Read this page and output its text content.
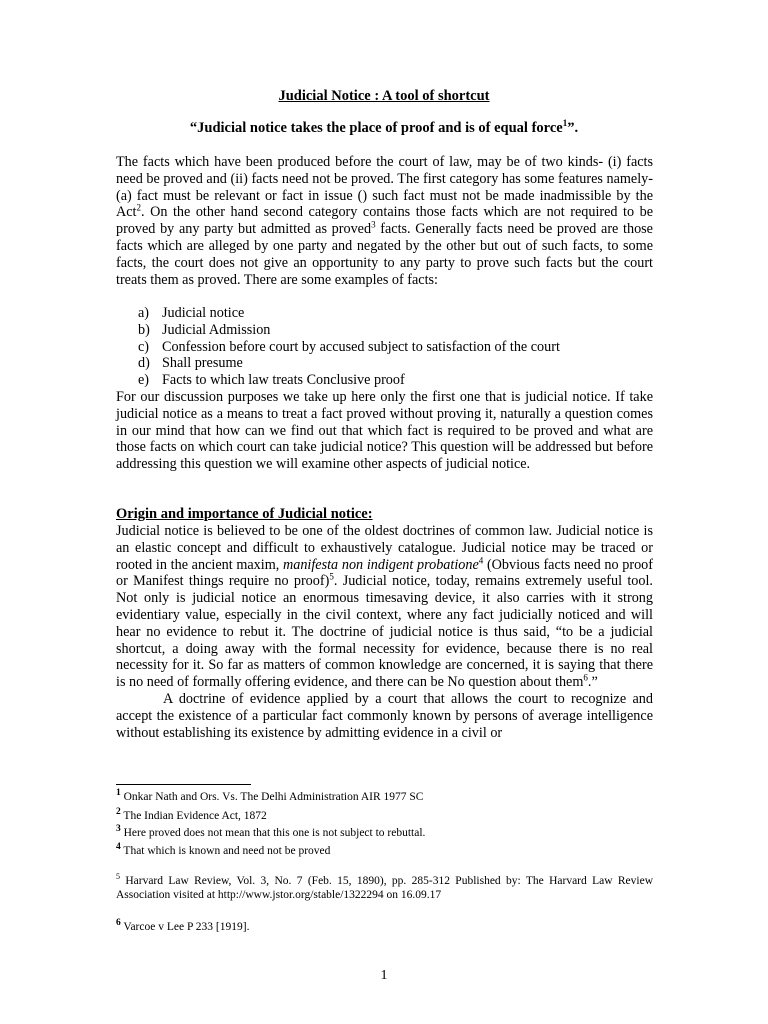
Judicial Notice : A tool of shortcut
“Judicial notice takes the place of proof and is of equal force$^1$”.

The facts which have been produced before the court of law, may be of two kinds- (i) facts need be proved and (ii) facts need not be proved. The first category has some features namely- (a) fact must be relevant or fact in issue () such fact must not be made inadmissible by the Act$^2$. On the other hand second category contains those facts which are not required to be proved by any party but admitted as proved$^3$ facts. Generally facts need be proved are those facts which are alleged by one party and negated by the other but out of such facts, to some facts, the court does not give an opportunity to any party to prove such facts but the court treats them as proved. There are some examples of facts:

a) Judicial notice
b) Judicial Admission
c) Confession before court by accused subject to satisfaction of the court
d) Shall presume
e) Facts to which law treats Conclusive proof

For our discussion purposes we take up here only the first one that is judicial notice. If take judicial notice as a means to treat a fact proved without proving it, naturally a question comes in our mind that how can we find out that which fact is required to be proved and what are those facts on which court can take judicial notice? This question will be addressed but before addressing this question we will examine other aspects of judicial notice.

Origin and importance of Judicial notice:

Judicial notice is believed to be one of the oldest doctrines of common law. Judicial notice is an elastic concept and difficult to exhaustively catalogue. Judicial notice may be traced or rooted in the ancient maxim, manifesta non indigent probatione$^4$ (Obvious facts need no proof or Manifest things require no proof)$^5$. Judicial notice, today, remains extremely useful tool. Not only is judicial notice an enormous timesaving device, it also carries with it strong evidentiary value, especially in the civil context, where any fact judicially noticed and will hear no evidence to rebut it. The doctrine of judicial notice is thus said, “to be a judicial shortcut, a doing away with the formal necessity for evidence, because there is no real necessity for it. So far as matters of common knowledge are concerned, it is saying that there is no need of formally offering evidence, and there can be No question about them$^6$.”

A doctrine of evidence applied by a court that allows the court to recognize and accept the existence of a particular fact commonly known by persons of average intelligence without establishing its existence by admitting evidence in a civil or

$^1$ Onkar Nath and Ors. Vs. The Delhi Administration AIR 1977 SC
$^2$ The Indian Evidence Act, 1872
$^3$ Here proved does not mean that this one is not subject to rebuttal.
$^4$ That which is known and need not be proved
$^5$ Harvard Law Review, Vol. 3, No. 7 (Feb. 15, 1890), pp. 285-312 Published by: The Harvard Law Review Association visited at http://www.jstor.org/stable/1322294 on 16.09.17
$^6$ Varcoe v Lee P 233 [1919].
1
